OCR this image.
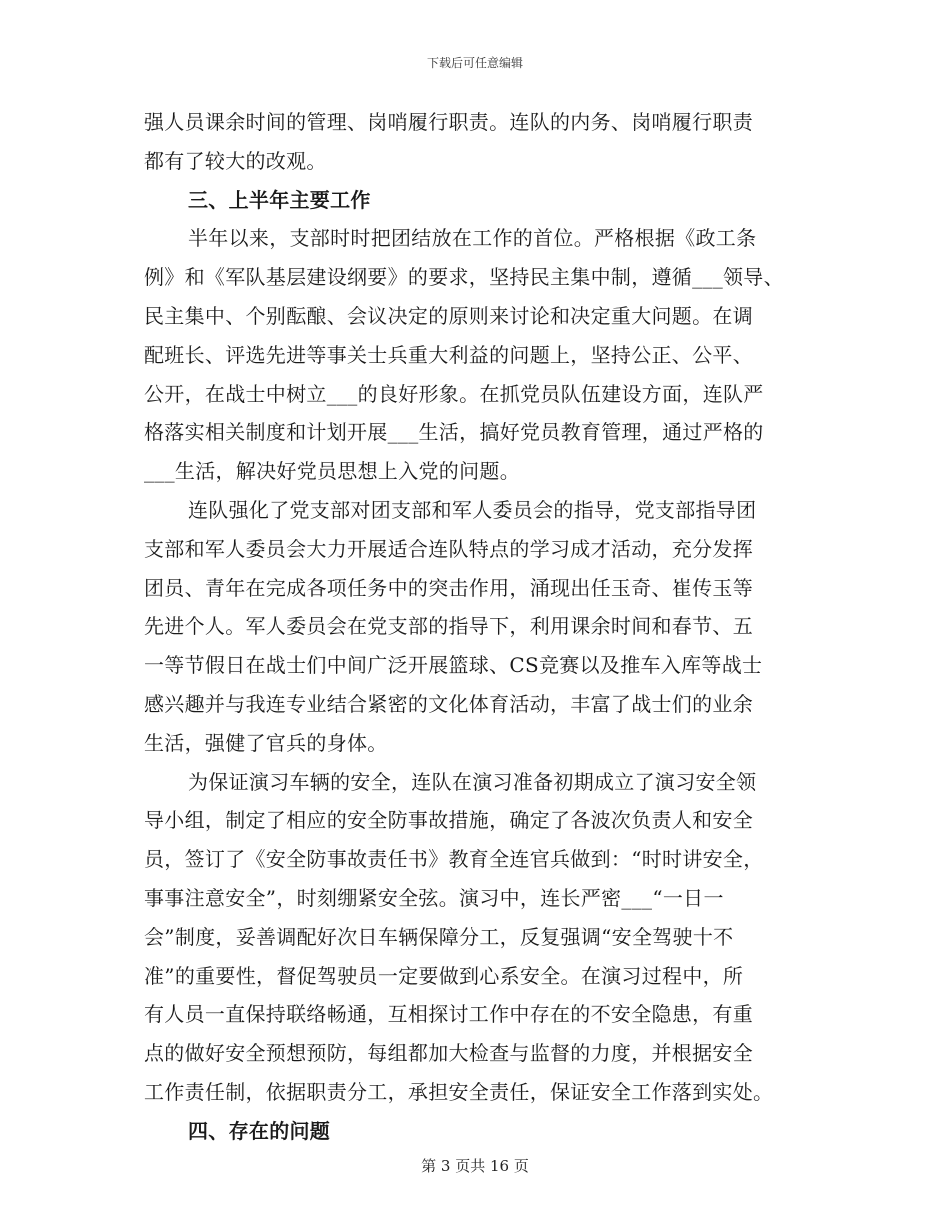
下载后可任意编辑
强人员课余时间的管理、岗哨履行职责。连队的内务、岗哨履行职责
都有了较大的改观。
三、上半年主要工作
半年以来，支部时时把团结放在工作的首位。严格根据《政工条
例》和《军队基层建设纲要》的要求，坚持民主集中制，遵循___领导、
民主集中、个别酝酿、会议决定的原则来讨论和决定重大问题。在调
配班长、评选先进等事关士兵重大利益的问题上，坚持公正、公平、
公开，在战士中树立___的良好形象。在抓党员队伍建设方面，连队严
格落实相关制度和计划开展___生活，搞好党员教育管理，通过严格的
___生活，解决好党员思想上入党的问题。
连队强化了党支部对团支部和军人委员会的指导，党支部指导团
支部和军人委员会大力开展适合连队特点的学习成才活动，充分发挥
团员、青年在完成各项任务中的突击作用，涌现出任玉奇、崔传玉等
先进个人。军人委员会在党支部的指导下，利用课余时间和春节、五
一等节假日在战士们中间广泛开展篮球、CS竞赛以及推车入库等战士
感兴趣并与我连专业结合紧密的文化体育活动，丰富了战士们的业余
生活，强健了官兵的身体。
为保证演习车辆的安全，连队在演习准备初期成立了演习安全领
导小组，制定了相应的安全防事故措施，确定了各波次负责人和安全
员，签订了《安全防事故责任书》教育全连官兵做到：“时时讲安全，
事事注意安全”，时刻绷紧安全弦。演习中，连长严密___“一日一
会”制度，妥善调配好次日车辆保障分工，反复强调“安全驾驶十不
准”的重要性，督促驾驶员一定要做到心系安全。在演习过程中，所
有人员一直保持联络畅通，互相探讨工作中存在的不安全隐患，有重
点的做好安全预想预防，每组都加大检查与监督的力度，并根据安全
工作责任制，依据职责分工，承担安全责任，保证安全工作落到实处。
四、存在的问题
第 3 页共 16 页
